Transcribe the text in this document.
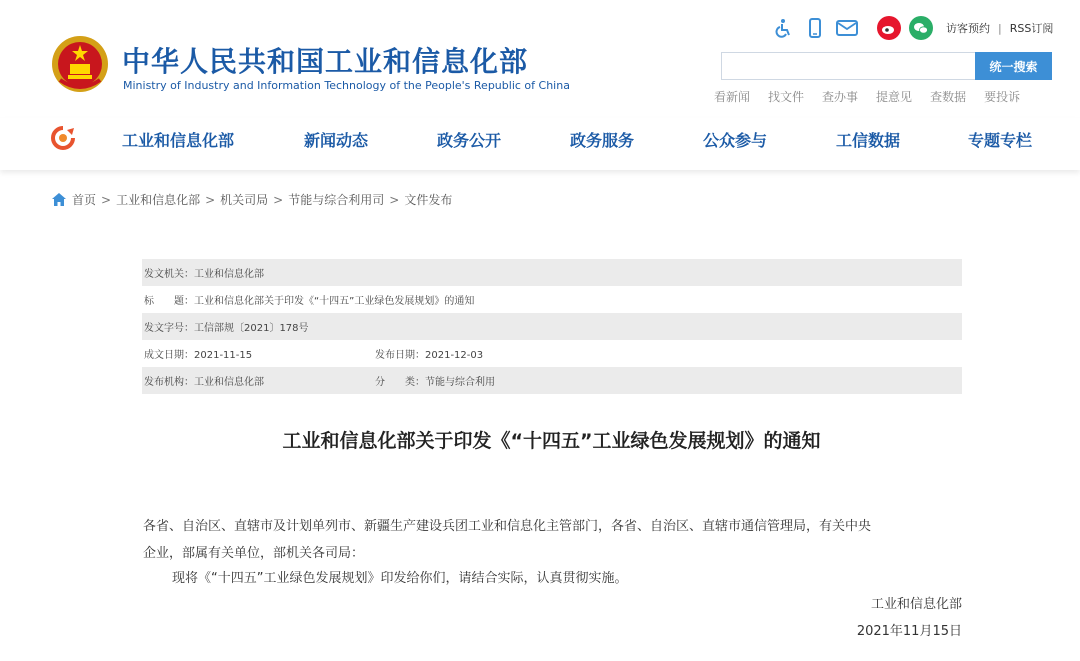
中华人民共和国工业和信息化部
Ministry of Industry and Information Technology of the People's Republic of China
访客预约 | RSS订阅
统一搜索
看新闻 找文件 查办事 提意见 查数据 要投诉
工业和信息化部	新闻动态	政务公开	政务服务	公众参与	工信数据	专题专栏
首页 > 工业和信息化部 > 机关司局 > 节能与综合利用司 > 文件发布
发文机关：工业和信息化部
标　　题：工业和信息化部关于印发《“十四五”工业绿色发展规划》的通知
发文字号：工信部规〔2021〕178号
成文日期：2021-11-15	发布日期：2021-12-03
发布机构：工业和信息化部	分　　类：节能与综合利用
工业和信息化部关于印发《“十四五”工业绿色发展规划》的通知
各省、自治区、直辖市及计划单列市、新疆生产建设兵团工业和信息化主管部门，各省、自治区、直辖市通信管理局，有关中央
企业，部属有关单位，部机关各司局：
现将《“十四五”工业绿色发展规划》印发给你们，请结合实际，认真贯彻实施。
工业和信息化部
2021年11月15日
